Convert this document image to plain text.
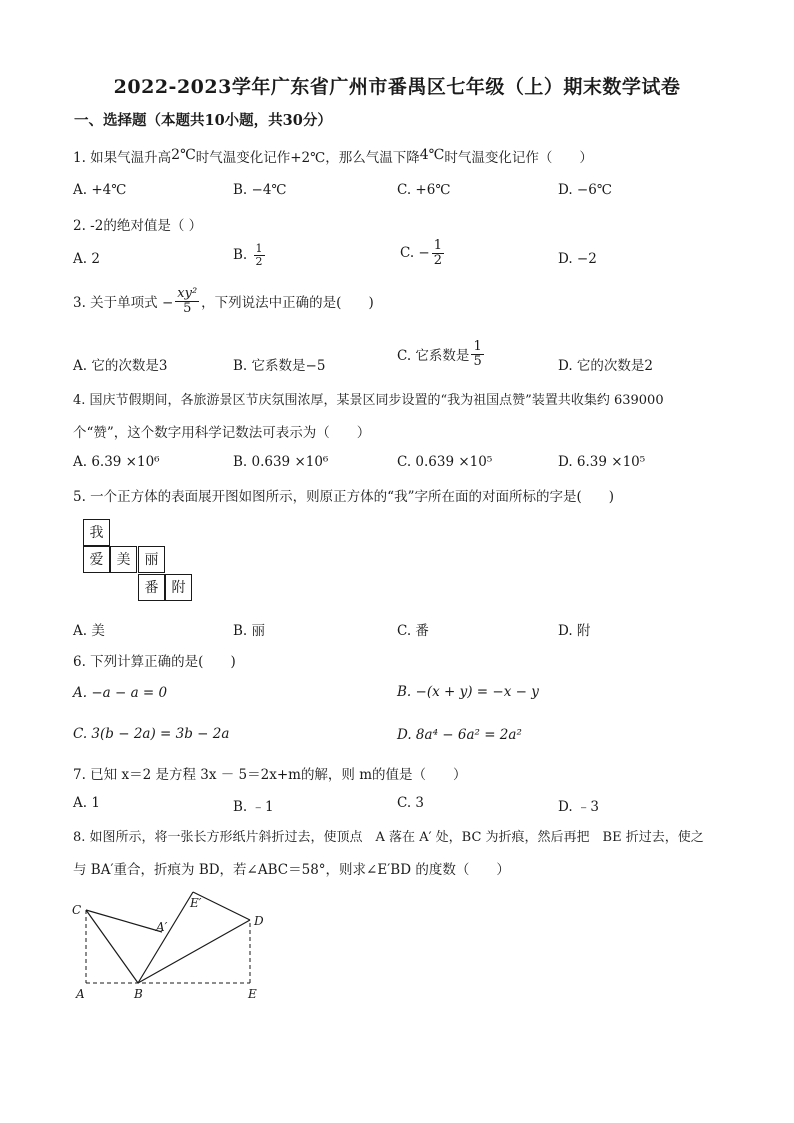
2022-2023学年广东省广州市番禺区七年级（上）期末数学试卷
一、选择题（本题共10小题，共30分）
1. 如果气温升高2℃时气温变化记作+2℃，那么气温下降4℃时气温变化记作（　　）
A. +4℃	B. −4℃	C. +6℃	D. −6℃
2. -2的绝对值是（ ）
A. 2	B. $\frac{1}{2}$	C. − $\frac{1}{2}$	D. −2
3. 关于单项式 − $\frac{\text{xy²}}{5}$ ，下列说法中正确的是(　　)
A. 它的次数是3	B. 它系数是−5
C. 它系数是 $\frac{1}{5}$	D. 它的次数是2
4. 国庆节假期间，各旅游景区节庆氛围浓厚，某景区同步设置的“我为祖国点赞”装置共收集约 639000
个“赞”，这个数字用科学记数法可表示为（　　）
A. 6.39 ×10⁶	B. 0.639 ×10⁶	C. 0.639 ×10⁵	D. 6.39 ×10⁵
5. 一个正方体的表面展开图如图所示，则原正方体的“我”字所在面的对面所标的字是(　　)
我
爱 美	丽
番 附
A. 美	B. 丽	C. 番	D. 附
6. 下列计算正确的是(　　)
A. −a − a = 0	B. −(x + y) = −x − y
C. 3(b − 2a) = 3b − 2a	D. 8a⁴ − 6a² = 2a²
7. 已知 x＝2 是方程 3x － 5＝2x+m的解，则 m的值是（　　）
A. 1	B. ﹣1	C. 3	D. ﹣3
8. 如图所示，将一张长方形纸片斜折过去，使顶点　A 落在 A′ 处，BC 为折痕，然后再把　BE 折过去，使之
与 BA′重合，折痕为 BD，若∠ABC＝58°，则求∠E′BD 的度数（　　）
C
D
A	B	E
A′
E′
